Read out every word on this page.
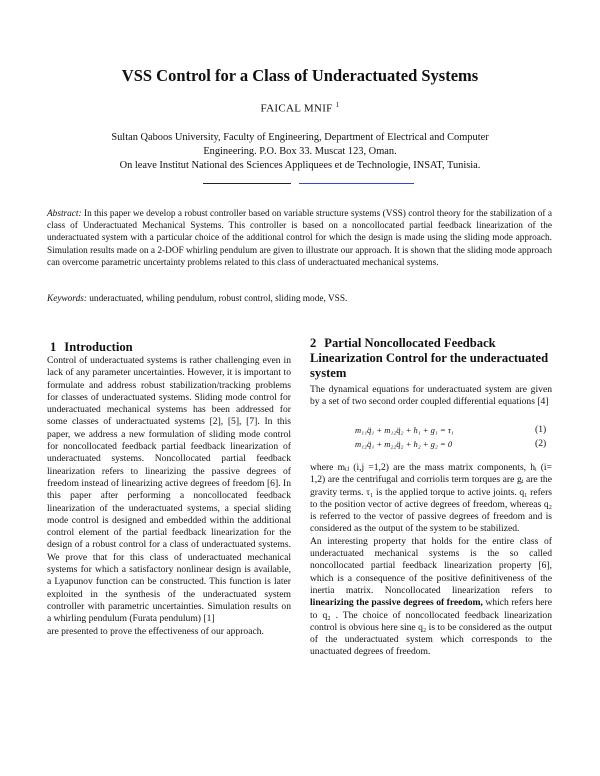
VSS Control for a Class of Underactuated Systems
FAICAL MNIF $^1$
Sultan Qaboos University, Faculty of Engineering, Department of Electrical and Computer
Engineering. P.O. Box 33. Muscat 123, Oman.
On leave Institut National des Sciences Appliquees et de Technologie, INSAT, Tunisia.
Abstract: In this paper we develop a robust controller based on variable structure systems (VSS) control theory for the stabilization of a class of Underactuated Mechanical Systems. This controller is based on a noncollocated partial feedback linearization of the underactuated system with a particular choice of the additional control for which the design is made using the sliding mode approach. Simulation results made on a 2-DOF whirling pendulum are given to illustrate our approach. It is shown that the sliding mode approach can overcome parametric uncertainty problems related to this class of underactuated mechanical systems.
Keywords: underactuated, whiling pendulum, robust control, sliding mode, VSS.
1 Introduction

Control of underactuated systems is rather challenging even in lack of any parameter uncertainties. However, it is important to formulate and address robust stabilization/tracking problems for classes of underactuated systems. Sliding mode control for underactuated mechanical systems has been addressed for some classes of underactuated systems [2], [5], [7]. In this paper, we address a new formulation of sliding mode control for noncollocated feedback partial feedback linearization of underactuated systems. Noncollocated partial feedback linearization refers to linearizing the passive degrees of freedom instead of linearizing active degrees of freedom [6]. In this paper after performing a noncollocated feedback linearization of the underactuated systems, a special sliding mode control is designed and embedded within the additional control element of the partial feedback linearization for the design of a robust control for a class of underactuated systems. We prove that for this class of underactuated mechanical systems for which a satisfactory nonlinear design is available, a Lyapunov function can be constructed. This function is later exploited in the synthesis of the underactuated system controller with parametric uncertainties. Simulation results on a whirling pendulum (Furata pendulum) [1]

are presented to prove the effectiveness of our approach.

2 Partial Noncollocated Feedback Linearization Control for the underactuated system
The dynamical equations for underactuated system are given by a set of two second order coupled differential equations [4]
m₁₁q̈₁ + m₁₂q̈₂ + h₁ + g₁ = τ₁	(1)
m₁₂q̈₁ + m₂₂q̈₂ + h₂ + g₂ = 0	(2)

where mᵢⱼ (i,j =1,2) are the mass matrix components, hᵢ (i= 1,2) are the centrifugal and corriolis term torques are gᵢ are the gravity terms. τ₁ is the applied torque to active joints. q₁ refers to the position vector of active degrees of freedom, whereas q₂ is referred to the vector of passive degrees of freedom and is considered as the output of the system to be stabilized.

An interesting property that holds for the entire class of underactuated mechanical systems is the so called noncollocated partial feedback linearization property [6], which is a consequence of the positive definitiveness of the inertia matrix. Noncollocated linearization refers to linearizing the passive degrees of freedom, which refers here to q₂ . The choice of noncollocated feedback linearization control is obvious here sine q₂ is to be considered as the output of the underactuated system which corresponds to the unactuated degrees of freedom.
